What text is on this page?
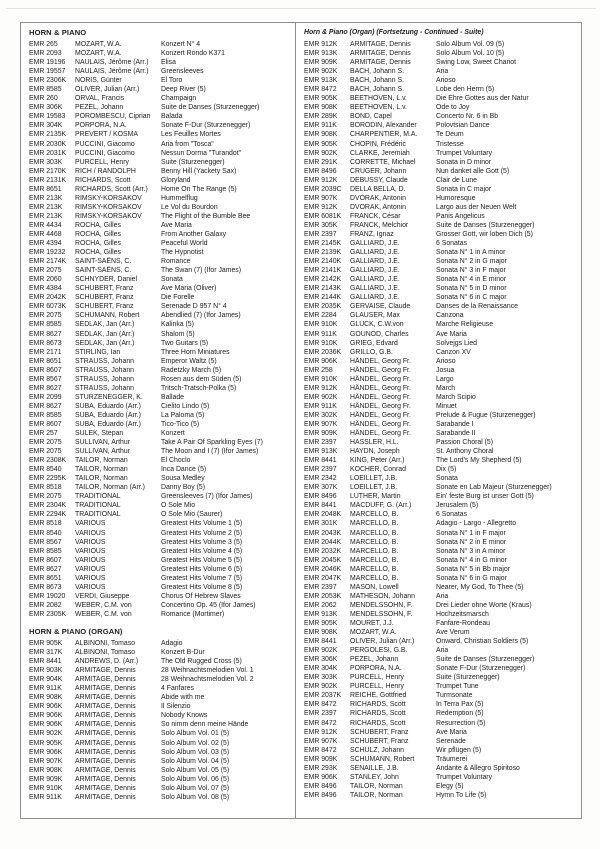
HORN & PIANO
EMR 265	MOZART, W.A.	Konzert N° 4
EMR 2093	MOZART, W.A.	Konzert Rondo K371
EMR 19196	NAULAIS, Jérôme (Arr.)	Elisa
EMR 19557	NAULAIS, Jérôme (Arr.)	Greensleeves
EMR 2306K	NORIS, Günter	El Toro
EMR 8585	OLIVER, Julian (Arr.)	Deep River (5)
EMR 260	ORVAL, Francis	Champaign
EMR 306K	PEZEL, Johann	Suite de Danses (Sturzenegger)
EMR 19583	POROMBESCU, Ciprian	Balada
EMR 304K	PORPORA, N.A.	Sonate F-Dur (Sturzenegger)
EMR 2135K	PREVERT / KOSMA	Les Feuilles Mortes
EMR 2030K	PUCCINI, Giacomo	Aria from "Tosca"
EMR 2031K	PUCCINI, Giacomo	Nessun Dorma "Turandot"
EMR 303K	PURCELL, Henry	Suite (Sturzenegger)
EMR 2170K	RICH / RANDOLPH	Benny Hill (Yackety Sax)
EMR 2131K	RICHARDS, Scott	Gloryland
EMR 8651	RICHARDS, Scott (Arr.)	Home On The Range (5)
EMR 213K	RIMSKY-KORSAKOV	Hummelflug
EMR 213K	RIMSKY-KORSAKOV	Le Vol du Bourdon
EMR 213K	RIMSKY-KORSAKOV	The Flight of the Bumble Bee
EMR 4434	ROCHA, Gilles	Ave Maria
EMR 4468	ROCHA, Gilles	From Another Galaxy
EMR 4394	ROCHA, Gilles	Peaceful World
EMR 19232	ROCHA, Gilles	The Hypnotist
EMR 2174K	SAINT-SAËNS, C.	Romance
EMR 2075	SAINT-SAËNS, C.	The Swan (7) (Ifor James)
EMR 2060	SCHNYDER, Daniel	Sonata
EMR 4384	SCHUBERT, Franz	Ave Maria (Oliver)
EMR 2042K	SCHUBERT, Franz	Die Forelle
EMR 6073K	SCHUBERT, Franz	Serenade D 957 N° 4
EMR 2075	SCHUMANN, Robert	Abendlied (7) (Ifor James)
EMR 8585	SEDLAK, Jan (Arr.)	Kalinka (5)
EMR 8627	SEDLAK, Jan (Arr.)	Shalom (5)
EMR 8673	SEDLAK, Jan (Arr.)	Two Guitars (5)
EMR 2171	STIRLING, Ian	Three Horn Miniatures
EMR 8651	STRAUSS, Johann	Emperor Waltz (5)
EMR 8607	STRAUSS, Johann	Radetzky March (5)
EMR 8567	STRAUSS, Johann	Rosen aus dem Süden (5)
EMR 8627	STRAUSS, Johann	Tritsch-Tratsch-Polka (5)
EMR 2099	STURZENEGGER, K.	Ballade
EMR 8627	SUBA, Eduardo (Arr.)	Cielito Lindo (5)
EMR 8585	SUBA, Eduardo (Arr.)	La Paloma (5)
EMR 8607	SUBA, Eduardo (Arr.)	Tico-Tico (5)
EMR 257	SULEK, Stepan	Konzert
EMR 2075	SULLIVAN, Arthur	Take A Pair Of Sparkling Eyes (7)
EMR 2075	SULLIVAN, Arthur	The Moon and I (7) (Ifor James)
EMR 2308K	TAILOR, Norman	El Choclo
EMR 8540	TAILOR, Norman	Inca Dance (5)
EMR 2295K	TAILOR, Norman	Sousa Medley
EMR 8518	TAILOR, Norman (Arr.)	Danny Boy (5)
EMR 2075	TRADITIONAL	Greensleeves (7) (Ifor James)
EMR 2304K	TRADITIONAL	O Sole Mio
EMR 2294K	TRADITIONAL	O Sole Mio (Saurer)
EMR 8518	VARIOUS	Greatest Hits Volume 1 (5)
EMR 8540	VARIOUS	Greatest Hits Volume 2 (5)
EMR 8567	VARIOUS	Greatest Hits Volume 3 (5)
EMR 8585	VARIOUS	Greatest Hits Volume 4 (5)
EMR 8607	VARIOUS	Greatest Hits Volume 5 (5)
EMR 8627	VARIOUS	Greatest Hits Volume 6 (5)
EMR 8651	VARIOUS	Greatest Hits Volume 7 (5)
EMR 8673	VARIOUS	Greatest Hits Volume 8 (5)
EMR 19020	VERDI, Giuseppe	Chorus Of Hebrew Slaves
EMR 2082	WEBER, C.M. von	Concertino Op. 45 (Ifor James)
EMR 2305K	WEBER, C.M. von	Romance (Mortimer)
HORN & PIANO (ORGAN)
EMR 905K	ALBINONI, Tomaso	Adagio
EMR 317K	ALBINONI, Tomaso	Konzert B-Dur
EMR 8441	ANDREWS, D. (Arr.)	The Old Rugged Cross (5)
EMR 903K	ARMITAGE, Dennis	28 Weihnachtsmelodien Vol. 1
EMR 904K	ARMITAGE, Dennis	28 Weihnachtsmelodien Vol. 2
EMR 911K	ARMITAGE, Dennis	4 Fanfares
EMR 908K	ARMITAGE, Dennis	Abide with me
EMR 906K	ARMITAGE, Dennis	Il Silenzio
EMR 906K	ARMITAGE, Dennis	Nobody Knows
EMR 906K	ARMITAGE, Dennis	So nimm denn meine Hände
EMR 902K	ARMITAGE, Dennis	Solo Album Vol. 01 (5)
EMR 905K	ARMITAGE, Dennis	Solo Album Vol. 02 (5)
EMR 906K	ARMITAGE, Dennis	Solo Album Vol. 03 (5)
EMR 907K	ARMITAGE, Dennis	Solo Album Vol. 04 (5)
EMR 908K	ARMITAGE, Dennis	Solo Album Vol. 05 (5)
EMR 909K	ARMITAGE, Dennis	Solo Album Vol. 06 (5)
EMR 910K	ARMITAGE, Dennis	Solo Album Vol. 07 (5)
EMR 911K	ARMITAGE, Dennis	Solo Album Vol. 08 (5)
Horn & Piano (Organ) (Fortsetzung - Continued - Suite)
EMR 912K	ARMITAGE, Dennis	Solo Album Vol. 09 (5)
EMR 913K	ARMITAGE, Dennis	Solo Album Vol. 10 (5)
EMR 909K	ARMITAGE, Dennis	Swing Low, Sweet Chariot
EMR 902K	BACH, Johann S.	Aria
EMR 913K	BACH, Johann S.	Arioso
EMR 8472	BACH, Johann S.	Lobe den Herrn (5)
EMR 905K	BEETHOVEN, L.v.	Die Ehre Gottes aus der Natur
EMR 908K	BEETHOVEN, L.v.	Ode to Joy
EMR 289K	BOND, Capel	Concerto Nr. 6 in Bb
EMR 911K	BORODIN, Alexander	Polovtsian Dance
EMR 908K	CHARPENTIER, M.A.	Te Deum
EMR 905K	CHOPIN, Frédéric	Tristesse
EMR 902K	CLARKE, Jeremiah	Trumpet Voluntary
EMR 291K	CORRETTE, Michael	Sonata in D minor
EMR 8496	CRÜGER, Johann	Nun danket alle Gott (5)
EMR 912K	DEBUSSY, Claude	Clair de Lune
EMR 2039C	DELLA BELLA, D.	Sonata in C major
EMR 907K	DVORAK, Antonin	Humoresque
EMR 912K	DVORAK, Antonin	Largo aus der Neuen Welt
EMR 6081K	FRANCK, César	Panis Angelicus
EMR 305K	FRANCK, Melchior	Suite de Danses (Sturzenegger)
EMR 2397	FRANZ, Ignaz	Grosser Gott, wir loben Dich (5)
EMR 2145K	GALLIARD, J.E.	6 Sonatas
EMR 2139K	GALLIARD, J.E.	Sonata N° 1 in A minor
EMR 2140K	GALLIARD, J.E.	Sonata N° 2 in G major
EMR 2141K	GALLIARD, J.E.	Sonata N° 3 in F major
EMR 2142K	GALLIARD, J.E.	Sonata N° 4 in E minor
EMR 2143K	GALLIARD, J.E.	Sonata N° 5 in D minor
EMR 2144K	GALLIARD, J.E.	Sonata N° 6 in C major
EMR 2035K	GERVAISE, Claude	Danses de la Renaissance
EMR 2284	GLAUSER, Max	Canzona
EMR 910K	GLUCK, C.W.von	Marche Religieuse
EMR 911K	GOUNOD, Charles	Ave Maria
EMR 910K	GRIEG, Edvard	Solvejgs Lied
EMR 2036K	GRILLO, G.B.	Canzon XV
EMR 906K	HÄNDEL, Georg Fr.	Arioso
EMR 258	HÄNDEL, Georg Fr.	Josua
EMR 910K	HÄNDEL, Georg Fr.	Largo
EMR 912K	HÄNDEL, Georg Fr.	March
EMR 902K	HÄNDEL, Georg Fr.	March Scipio
EMR 911K	HÄNDEL, Georg Fr.	Minuet
EMR 302K	HÄNDEL, Georg Fr.	Prelude & Fugue (Sturzenegger)
EMR 907K	HÄNDEL, Georg Fr.	Sarabande I
EMR 909K	HÄNDEL, Georg Fr.	Sarabande II
EMR 2397	HASSLER, H.L.	Passion Choral (5)
EMR 913K	HAYDN, Joseph	St. Anthony Choral
EMR 8441	KING, Peter (Arr.)	The Lord's My Shepherd (5)
EMR 2397	KOCHER, Conrad	Dix (5)
EMR 2342	LOEILLET, J.B.	Sonata
EMR 307K	LOEILLET, J.B.	Sonate en Lab Majeur (Sturzenegger)
EMR 8496	LUTHER, Martin	Ein' feste Burg ist unser Gott (5)
EMR 8441	MACDUFF, G. (Arr.)	Jerusalem (5)
EMR 2048K	MARCELLO, B.	6 Sonatas
EMR 301K	MARCELLO, B.	Adagio - Largo - Allegretto
EMR 2043K	MARCELLO, B.	Sonata N° 1 in F major
EMR 2044K	MARCELLO, B.	Sonata N° 2 in E minor
EMR 2032K	MARCELLO, B.	Sonata N° 3 in A minor
EMR 2045K	MARCELLO, B.	Sonata N° 4 in G minor
EMR 2046K	MARCELLO, B.	Sonata N° 5 in Bb major
EMR 2047K	MARCELLO, B.	Sonata N° 6 in G major
EMR 2397	MASON, Lowell	Nearer, My God, To Thee (5)
EMR 2053K	MATHESON, Johann	Aria
EMR 2062	MENDELSSOHN, F.	Drei Lieder ohne Worte (Kraus)
EMR 913K	MENDELSSOHN, F.	Hochzeitsmarsch
EMR 905K	MOURET, J.J.	Fanfare-Rondeau
EMR 908K	MOZART, W.A.	Ave Verum
EMR 8441	OLIVER, Julian (Arr.)	Onward, Christian Soldiers (5)
EMR 902K	PERGOLESI, G.B.	Aria
EMR 306K	PEZEL, Johann	Suite de Danses (Sturzenegger)
EMR 304K	PORPORA, N.A.	Sonate F-Dur (Sturzenegger)
EMR 303K	PURCELL, Henry	Suite (Sturzenegger)
EMR 902K	PURCELL, Henry	Trumpet Tune
EMR 2037K	REICHE, Gottfried	Turmsonate
EMR 8472	RICHARDS, Scott	In Terra Pax (5)
EMR 2397	RICHARDS, Scott	Redemption (5)
EMR 8472	RICHARDS, Scott	Resurrection (5)
EMR 912K	SCHUBERT, Franz	Ave Maria
EMR 907K	SCHUBERT, Franz	Serenade
EMR 8472	SCHULZ, Johann	Wir pflügen (5)
EMR 909K	SCHUMANN, Robert	Träumerei
EMR 293K	SENAILLE, J.B.	Andante & Allegro Spiritoso
EMR 906K	STANLEY, John	Trumpet Voluntary
EMR 8496	TAILOR, Norman	Elegy (5)
EMR 8496	TAILOR, Norman	Hymn To Life (5)
